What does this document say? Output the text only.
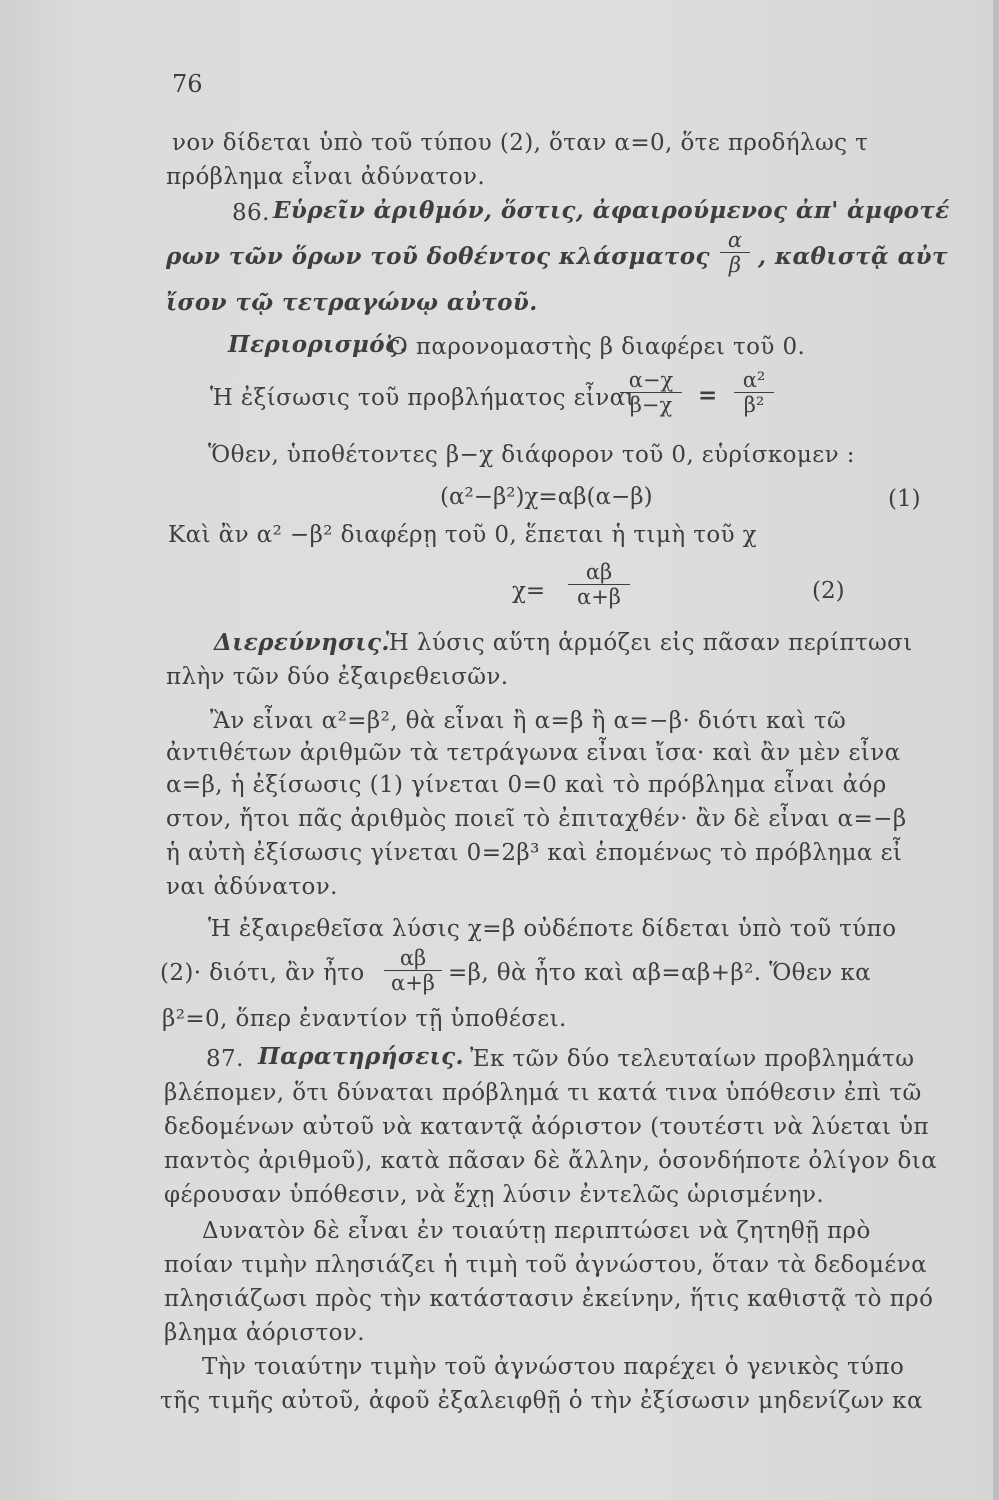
76
νον δίδεται ὑπὸ τοῦ τύπου (2), ὅταν α=0, ὅτε προδήλως τ
πρόβλημα εἶναι ἀδύνατον.
86. Εὑρεῖν ἀριθμόν, ὅστις, ἀφαιρούμενος ἀπ' ἀμφοτέ
ρων τῶν ὅρων τοῦ δοθέντος κλάσματος $\frac{\alpha}{\beta}$ , καθιστᾷ αὐτ
ἴσον τῷ τετραγώνῳ αὐτοῦ.
Περιορισμός.
Ὁ παρονομαστὴς β διαφέρει τοῦ 0.
Ἡ ἐξίσωσις τοῦ προβλήματος εἶναι
$\frac{\alpha-\chi}{\beta-\chi} = \frac{\text{α²}}{\text{β²}}$
Ὅθεν, ὑποθέτοντες β−χ διάφορον τοῦ 0, εὑρίσκομεν :
(α²−β²)χ=αβ(α−β)	(1)
Καὶ ἂν α² −β² διαφέρῃ τοῦ 0, ἕπεται ἡ τιμὴ τοῦ χ
$\chi= \frac{\alpha\beta}{\alpha+\beta}$	(2)
Διερεύνησις.
Ἡ λύσις αὕτη ἁρμόζει εἰς πᾶσαν περίπτωσι
πλὴν τῶν δύο ἐξαιρεθεισῶν.
Ἂν εἶναι α²=β², θὰ εἶναι ἢ α=β ἢ α=−β· διότι καὶ τῶ
ἀντιθέτων ἀριθμῶν τὰ τετράγωνα εἶναι ἴσα· καὶ ἂν μὲν εἶνα
α=β, ἡ ἐξίσωσις (1) γίνεται 0=0 καὶ τὸ πρόβλημα εἶναι ἀόρ
στον, ἤτοι πᾶς ἀριθμὸς ποιεῖ τὸ ἐπιταχθέν· ἂν δὲ εἶναι α=−β
ἡ αὐτὴ ἐξίσωσις γίνεται 0=2β³ καὶ ἑπομένως τὸ πρόβλημα εἶ
ναι ἀδύνατον.
Ἡ ἐξαιρεθεῖσα λύσις χ=β οὐδέποτε δίδεται ὑπὸ τοῦ τύπο
(2)· διότι, ἂν ἦτο $\frac{\alpha\beta}{\alpha+\beta} =\beta$, θὰ ἦτο καὶ αβ=αβ+β². Ὅθεν κα
β²=0, ὅπερ ἐναντίον τῇ ὑποθέσει.
87. Παρατηρήσεις. Ἐκ τῶν δύο τελευταίων προβλημάτω
βλέπομεν, ὅτι δύναται πρόβλημά τι κατά τινα ὑπόθεσιν ἐπὶ τῶ
δεδομένων αὐτοῦ νὰ καταντᾷ ἀόριστον (τουτέστι νὰ λύεται ὑπ
παντὸς ἀριθμοῦ), κατὰ πᾶσαν δὲ ἄλλην, ὁσονδήποτε ὀλίγον δια
φέρουσαν ὑπόθεσιν, νὰ ἔχῃ λύσιν ἐντελῶς ὡρισμένην.
Δυνατὸν δὲ εἶναι ἐν τοιαύτῃ περιπτώσει νὰ ζητηθῇ πρὸ
ποίαν τιμὴν πλησιάζει ἡ τιμὴ τοῦ ἀγνώστου, ὅταν τὰ δεδομένα
πλησιάζωσι πρὸς τὴν κατάστασιν ἐκείνην, ἥτις καθιστᾷ τὸ πρό
βλημα ἀόριστον.
Τὴν τοιαύτην τιμὴν τοῦ ἀγνώστου παρέχει ὁ γενικὸς τύπο
τῆς τιμῆς αὐτοῦ, ἀφοῦ ἐξαλειφθῇ ὁ τὴν ἐξίσωσιν μηδενίζων κα
